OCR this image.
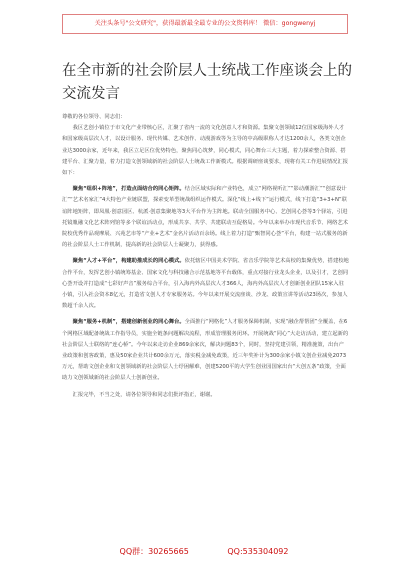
关注头条号"公文研究"，获得最新最全最专业的公文资料库！ 微信：gongwenyj
在全市新的社会阶层人士统战工作座谈会上的交流发言

尊敬的各位领导、同志们：

我区艺创小镇位于市文化产业带核心区，汇聚了省内一流的文化创意人才和资源。集聚文创领域12位国家级海外人才和国家级高层次人才，以设计服务、现代传媒、艺术创作、动漫游戏等为主导的中高级职称人才达1200余人，各类文创企业达3000余家，近年来，我区立足区位优势特色，聚焦同心筑梦，同心模式，同心舞台三大主题，着力探索整合资源、搭建平台、汇聚力量，着力打造文创领域新的社会阶层人士统战工作新模式。根据调研座谈要求，现将有关工作进展情况汇报如下：

聚焦“组织+阵地”，打造点面结合的同心矩阵。结合区域实际和产业特色，成立“网络视听汇”“影动潮游汇”“创意设计汇”“艺术名家汇”4大特色产业链联盟，探索变革型统战组织运作模式。深化“线上+线下”运行模式，线下打造“3+3+N”联谊阵地矩阵，即凤凰·创意园区、杭派·创意集聚地等3大平台作为主阵地。联动全国服务中心、艺创同心荟等3个驿站，引进托镜胤融文化艺术阵列馆等多个联谊活动点，形成共享、共学、共建联动互促格局。今年以来举办市现代音乐节、网络艺术院校优秀作品观摩展、兴苑艺市等“产业+艺术”金名片活动百余场。线上着力打造“甄智同心荟”平台，构建一站式服务的新的社会阶层人士工作机制，提高新的社会阶层人士凝聚力，获得感。

聚焦“人才+平台”，构建助推成长的同心模式。依托辖区中国美术学院、省音乐学院等艺术高校的集聚优势，搭建校地合作平台，发挥艺创小镇统筹基金、国家文化与科技融合示范基地等平台载体，重点对接行业龙头企业，以及引才，艺创同心荟开设并打造成“七彩好声音”服务综合平台，引入海内外高层次人才366人，海内外高层次人才创新创业团队15家入驻小镇，引入社会资本8亿元，打造省文创人才专家服务站。今年以来开展交流座谈、沙龙、政策宣讲等活动23场次，参加人数超千余人次。

聚焦“服务+机制”，搭建创新创业的同心舞台。全面推行“网格化”人才服务保障机制，实现“融企帮帮团”全覆盖，在6个网格区域配备统战工作指导员，实施全链条问题解决流程，形成管理服务闭环。开展统战“同心”大走访活动，建立起新的社会阶层人士联络的“连心桥”。今年以来走访企业869余家次，解决问题83个，同时，坚持党建引领，精准施策，出台产业政策和创客政策，惠及50家企业共计600余万元，落实税金减免政策，近三年奖补计为300余家小镇文创企业减免2073万元，帮助文创企业和文创领域新的社会阶层人士纾困解难，创建5200平的大学生创业园国家出台“大创五条”政策，全面助力文创领域新的社会阶层人士创新创业。

汇报完毕，不当之处，请各位领导和同志们批评指正，谢谢。

QQ群：30265665	QQ:535304092
